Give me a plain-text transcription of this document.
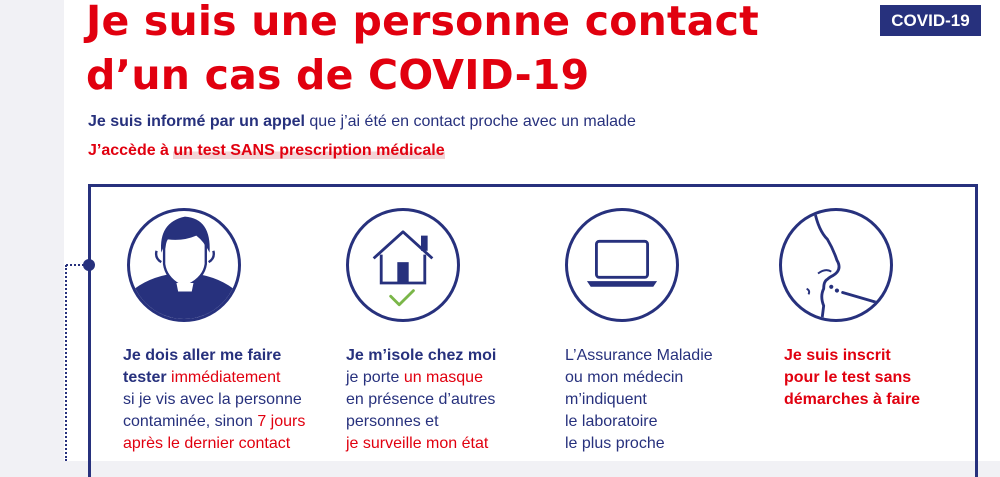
Je suis une personne contact
d’un cas de COVID-19
COVID-19

Je suis informé par un appel que j’ai été en contact proche avec un malade

J’accède à un test SANS prescription médicale

Je dois aller me faire
tester immédiatement
si je vis avec la personne
contaminée, sinon 7 jours
après le dernier contact
Je m’isole chez moi
je porte un masque
en présence d’autres
personnes et
je surveille mon état
L’Assurance Maladie
ou mon médecin
m’indiquent
le laboratoire
le plus proche
Je suis inscrit
pour le test sans
démarches à faire
